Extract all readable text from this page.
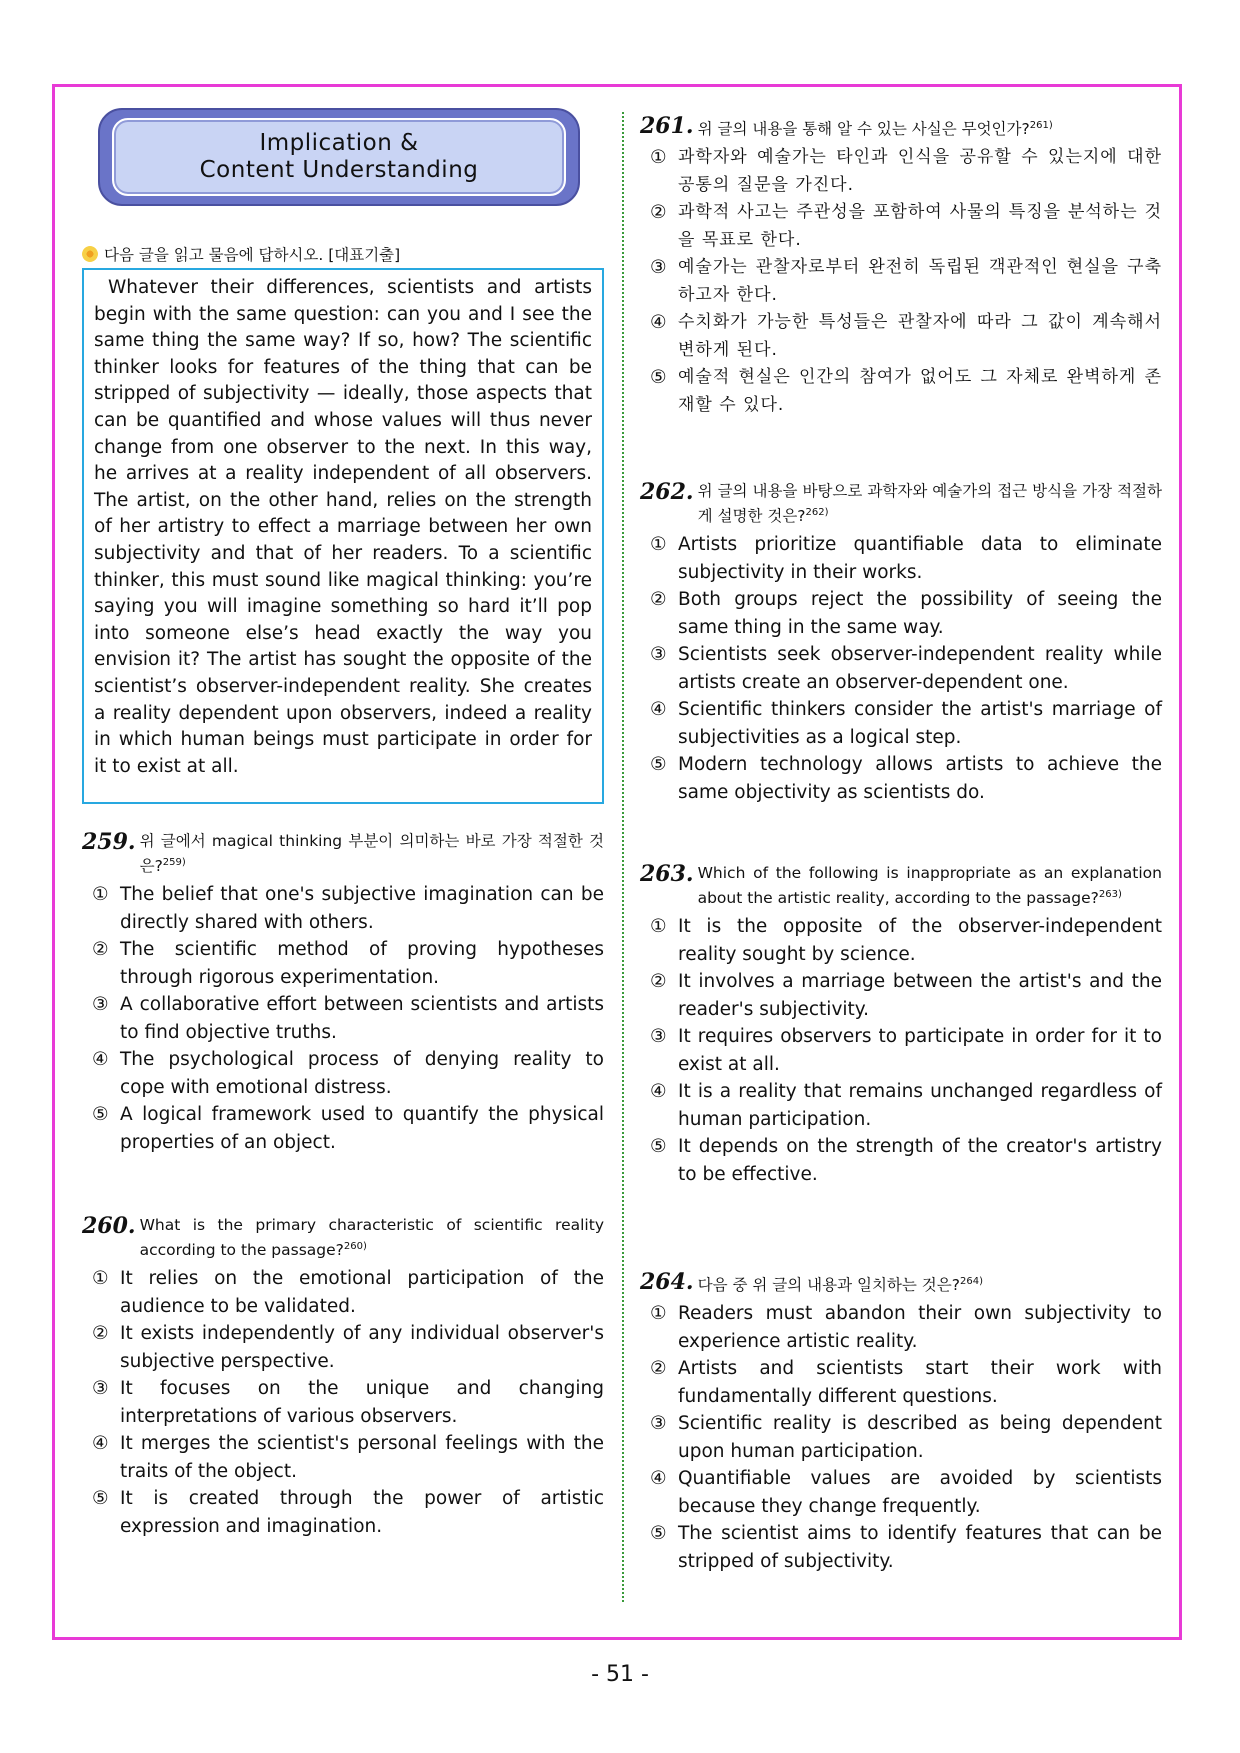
Implication &
Content Understanding
다음 글을 읽고 물음에 답하시오. [대표기출]
Whatever their differences, scientists and artists begin with the same question: can you and I see the same thing the same way? If so, how? The scientific thinker looks for features of the thing that can be stripped of subjectivity — ideally, those aspects that can be quantified and whose values will thus never change from one observer to the next. In this way, he arrives at a reality independent of all observers. The artist, on the other hand, relies on the strength of her artistry to effect a marriage between her own subjectivity and that of her readers. To a scientific thinker, this must sound like magical thinking: you’re saying you will imagine something so hard it’ll pop into someone else’s head exactly the way you envision it? The artist has sought the opposite of the scientist’s observer-independent reality. She creates a reality dependent upon observers, indeed a reality in which human beings must participate in order for it to exist at all.
259. 위 글에서 magical thinking 부분이 의미하는 바로 가장 적절한 것은?$^{259)}$
① The belief that one's subjective imagination can be directly shared with others.
② The scientific method of proving hypotheses through rigorous experimentation.
③ A collaborative effort between scientists and artists to find objective truths.
④ The psychological process of denying reality to cope with emotional distress.
⑤ A logical framework used to quantify the physical properties of an object.
260. What is the primary characteristic of scientific reality according to the passage?$^{260)}$
① It relies on the emotional participation of the audience to be validated.
② It exists independently of any individual observer's subjective perspective.
③ It focuses on the unique and changing interpretations of various observers.
④ It merges the scientist's personal feelings with the traits of the object.
⑤ It is created through the power of artistic expression and imagination.
261. 위 글의 내용을 통해 알 수 있는 사실은 무엇인가?$^{261)}$
① 과학자와 예술가는 타인과 인식을 공유할 수 있는지에 대한 공통의 질문을 가진다.
② 과학적 사고는 주관성을 포함하여 사물의 특징을 분석하는 것을 목표로 한다.
③ 예술가는 관찰자로부터 완전히 독립된 객관적인 현실을 구축하고자 한다.
④ 수치화가 가능한 특성들은 관찰자에 따라 그 값이 계속해서 변하게 된다.
⑤ 예술적 현실은 인간의 참여가 없어도 그 자체로 완벽하게 존재할 수 있다.
262. 위 글의 내용을 바탕으로 과학자와 예술가의 접근 방식을 가장 적절하게 설명한 것은?$^{262)}$
① Artists prioritize quantifiable data to eliminate subjectivity in their works.
② Both groups reject the possibility of seeing the same thing in the same way.
③ Scientists seek observer-independent reality while artists create an observer-dependent one.
④ Scientific thinkers consider the artist's marriage of subjectivities as a logical step.
⑤ Modern technology allows artists to achieve the same objectivity as scientists do.
263. Which of the following is inappropriate as an explanation about the artistic reality, according to the passage?$^{263)}$
① It is the opposite of the observer-independent reality sought by science.
② It involves a marriage between the artist's and the reader's subjectivity.
③ It requires observers to participate in order for it to exist at all.
④ It is a reality that remains unchanged regardless of human participation.
⑤ It depends on the strength of the creator's artistry to be effective.
264. 다음 중 위 글의 내용과 일치하는 것은?$^{264)}$
① Readers must abandon their own subjectivity to experience artistic reality.
② Artists and scientists start their work with fundamentally different questions.
③ Scientific reality is described as being dependent upon human participation.
④ Quantifiable values are avoided by scientists because they change frequently.
⑤ The scientist aims to identify features that can be stripped of subjectivity.
- 51 -
